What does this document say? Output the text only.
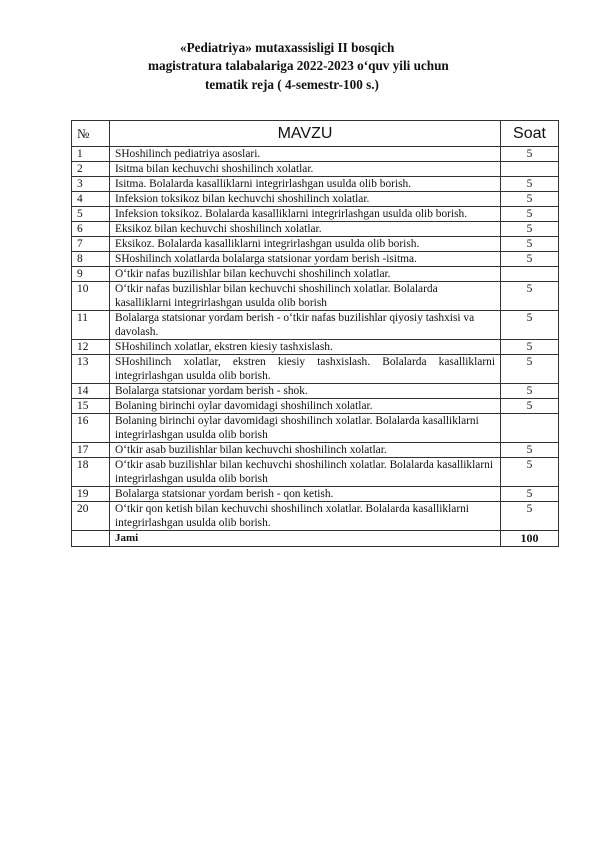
«Pediatriya» mutaxassisligi II bosqich
magistratura talabalariga 2022-2023 o‘quv yili uchun
tematik reja ( 4-semestr-100 s.)
№	MAVZU	Soat
1	SHoshilinch pediatriya asoslari.	5
2	Isitma bilan kechuvchi shoshilinch xolatlar.	
3	Isitma. Bolalarda kasalliklarni integrirlashgan usulda olib borish.	5
4	Infeksion toksikoz bilan kechuvchi shoshilinch xolatlar.	5
5	Infeksion toksikoz. Bolalarda kasalliklarni integrirlashgan usulda olib borish.	5
6	Eksikoz bilan kechuvchi shoshilinch xolatlar.	5
7	Eksikoz. Bolalarda kasalliklarni integrirlashgan usulda olib borish.	5
8	SHoshilinch xolatlarda bolalarga statsionar yordam berish -isitma.	5
9	O‘tkir nafas buzilishlar bilan kechuvchi shoshilinch xolatlar.	
10	O‘tkir nafas buzilishlar bilan kechuvchi shoshilinch xolatlar. Bolalarda kasalliklarni integrirlashgan usulda olib borish	5
11	Bolalarga statsionar yordam berish - o‘tkir nafas buzilishlar qiyosiy tashxisi va davolash.	5
12	SHoshilinch xolatlar, ekstren kiesiy tashxislash.	5
13	SHoshilinch xolatlar, ekstren kiesiy tashxislash. Bolalarda kasalliklarni integrirlashgan usulda olib borish.	5
14	Bolalarga statsionar yordam berish - shok.	5
15	Bolaning birinchi oylar davomidagi shoshilinch xolatlar.	5
16	Bolaning birinchi oylar davomidagi shoshilinch xolatlar. Bolalarda kasalliklarni integrirlashgan usulda olib borish	
17	O‘tkir asab buzilishlar bilan kechuvchi shoshilinch xolatlar.	5
18	O‘tkir asab buzilishlar bilan kechuvchi shoshilinch xolatlar. Bolalarda kasalliklarni integrirlashgan usulda olib borish	5
19	Bolalarga statsionar yordam berish - qon ketish.	5
20	O‘tkir qon ketish bilan kechuvchi shoshilinch xolatlar. Bolalarda kasalliklarni integrirlashgan usulda olib borish.	5
	Jami	100
